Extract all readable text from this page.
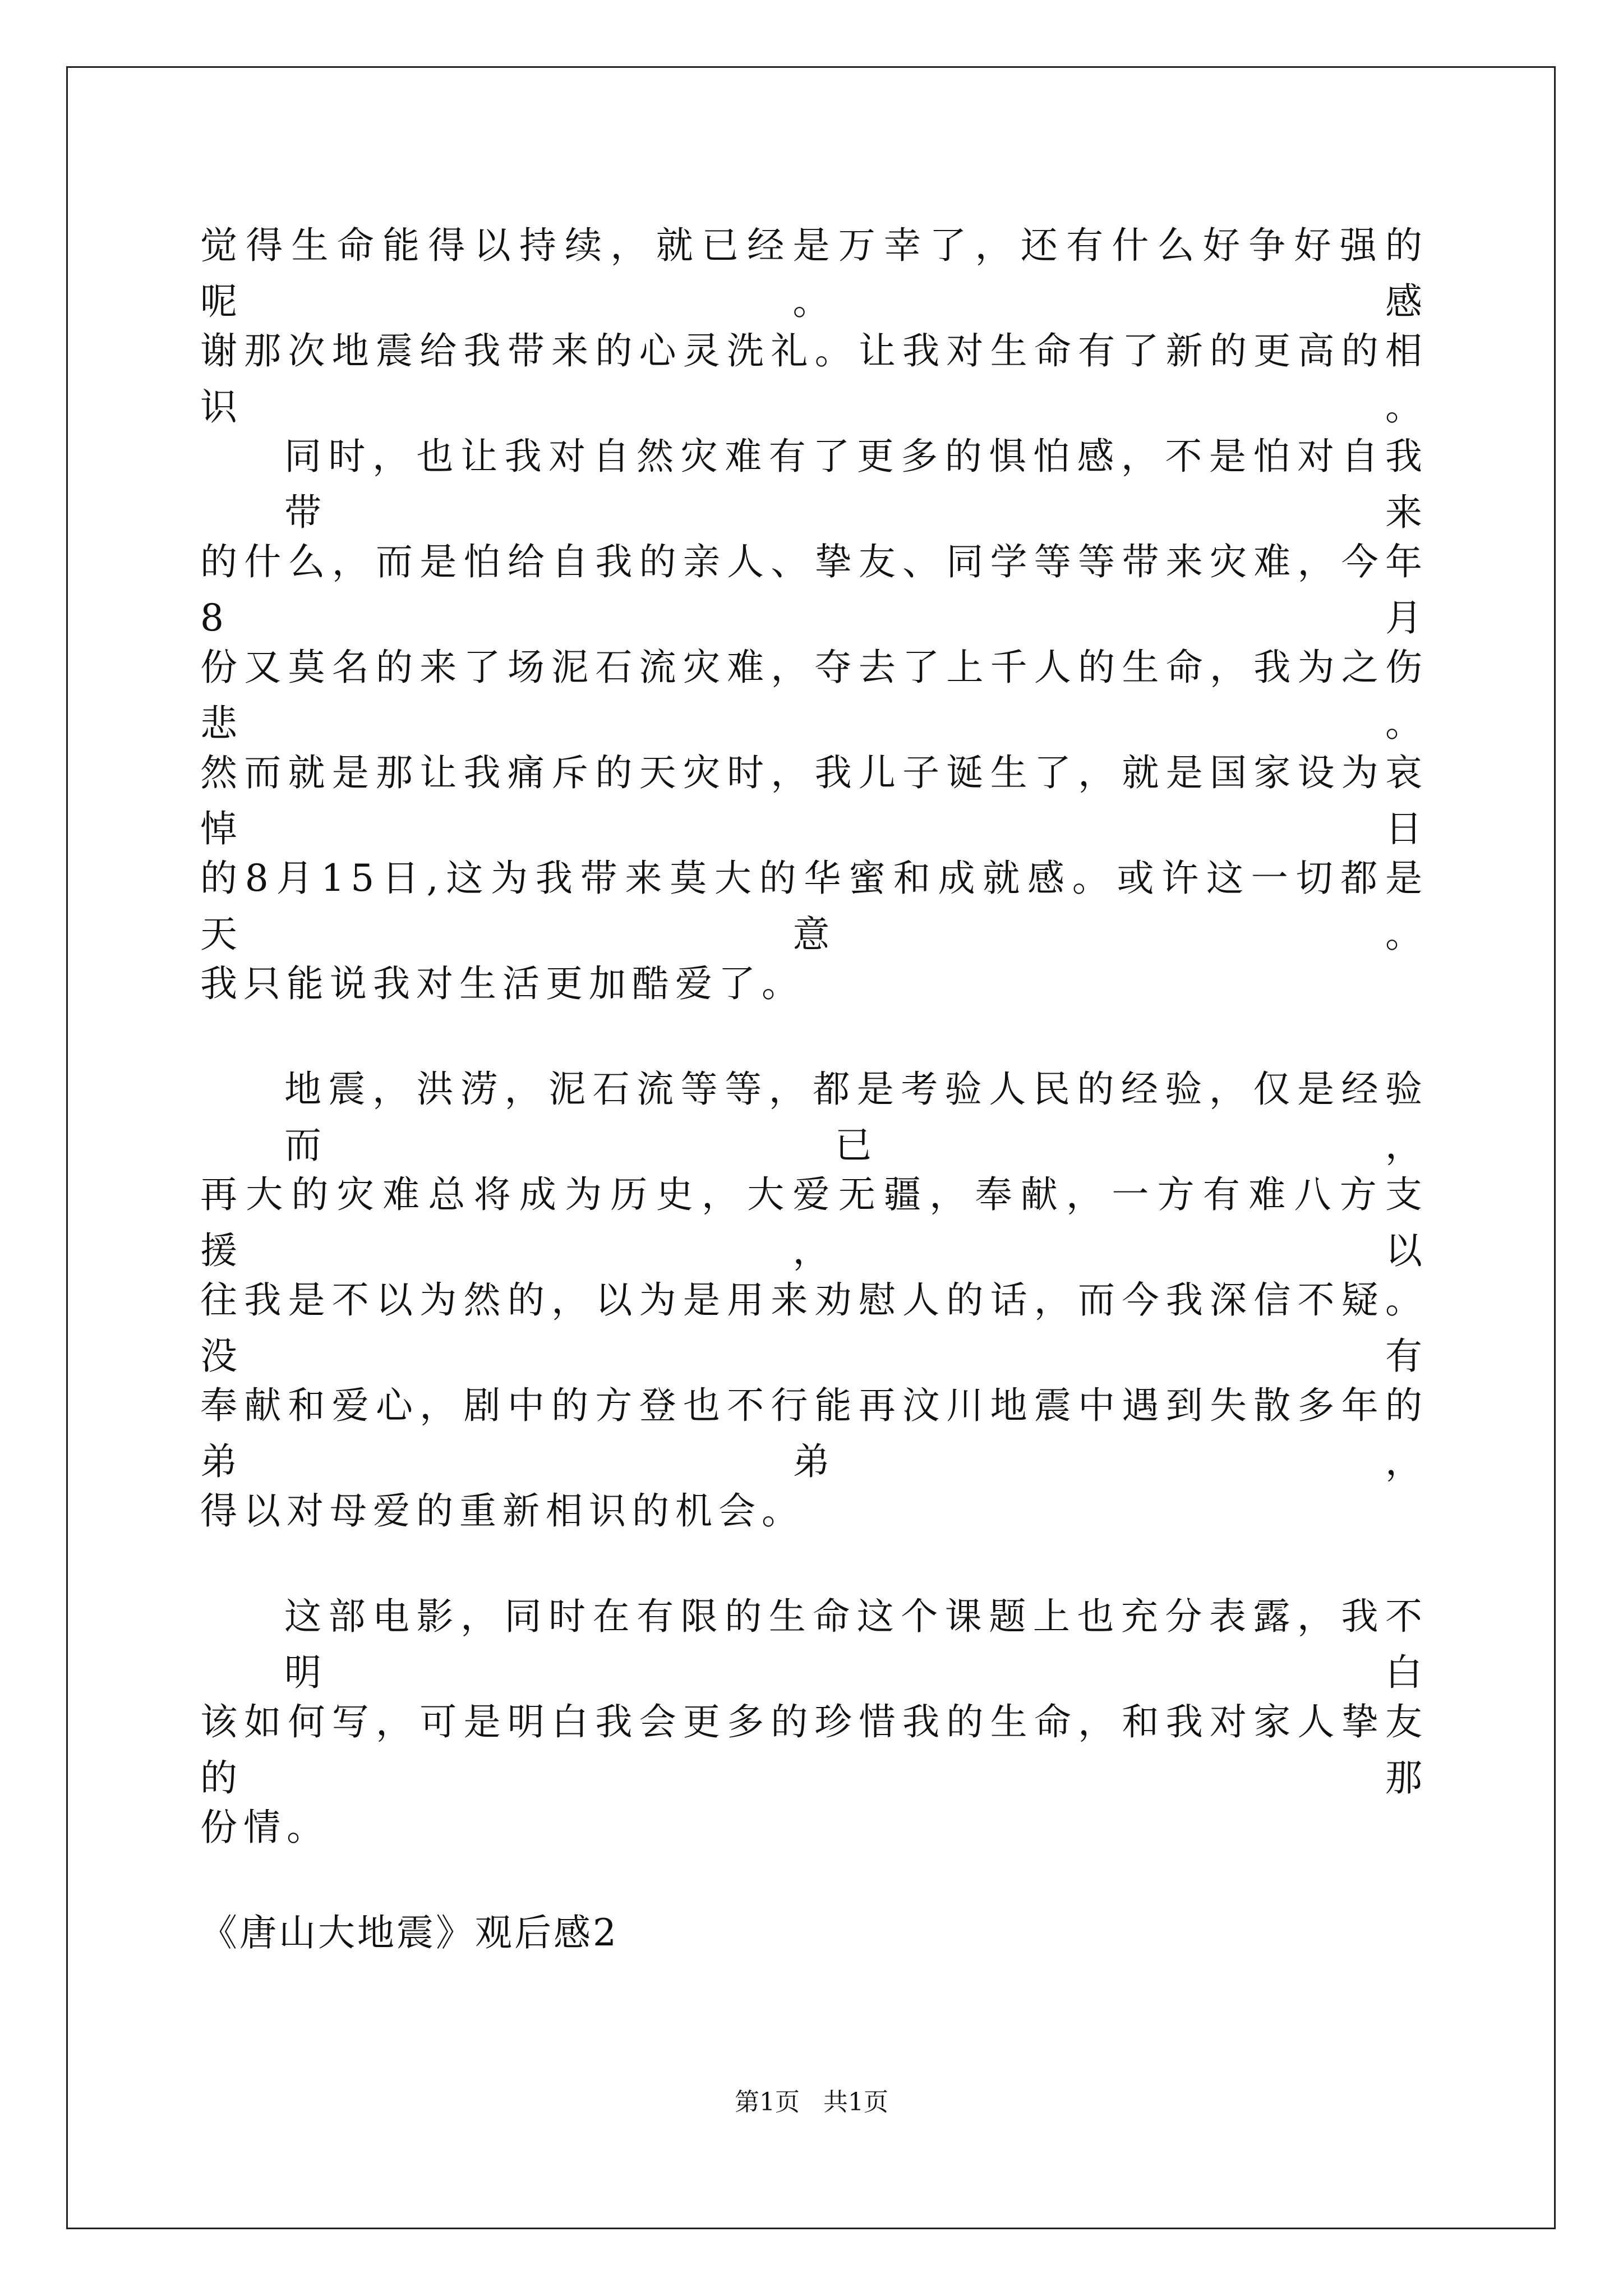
觉得生命能得以持续，就已经是万幸了，还有什么好争好强的呢。感
谢那次地震给我带来的心灵洗礼。让我对生命有了新的更高的相识。
同时，也让我对自然灾难有了更多的惧怕感，不是怕对自我带来
的什么，而是怕给自我的亲人、挚友、同学等等带来灾难，今年8月
份又莫名的来了场泥石流灾难，夺去了上千人的生命，我为之伤悲。
然而就是那让我痛斥的天灾时，我儿子诞生了，就是国家设为哀悼日
的8月15日,这为我带来莫大的华蜜和成就感。或许这一切都是天意。
我只能说我对生活更加酷爱了。
地震，洪涝，泥石流等等，都是考验人民的经验，仅是经验而已，
再大的灾难总将成为历史，大爱无疆，奉献，一方有难八方支援，以
往我是不以为然的，以为是用来劝慰人的话，而今我深信不疑。没有
奉献和爱心，剧中的方登也不行能再汶川地震中遇到失散多年的弟弟，
得以对母爱的重新相识的机会。
这部电影，同时在有限的生命这个课题上也充分表露，我不明白
该如何写，可是明白我会更多的珍惜我的生命，和我对家人挚友的那
份情。
《唐山大地震》观后感2
第1页 共1页
